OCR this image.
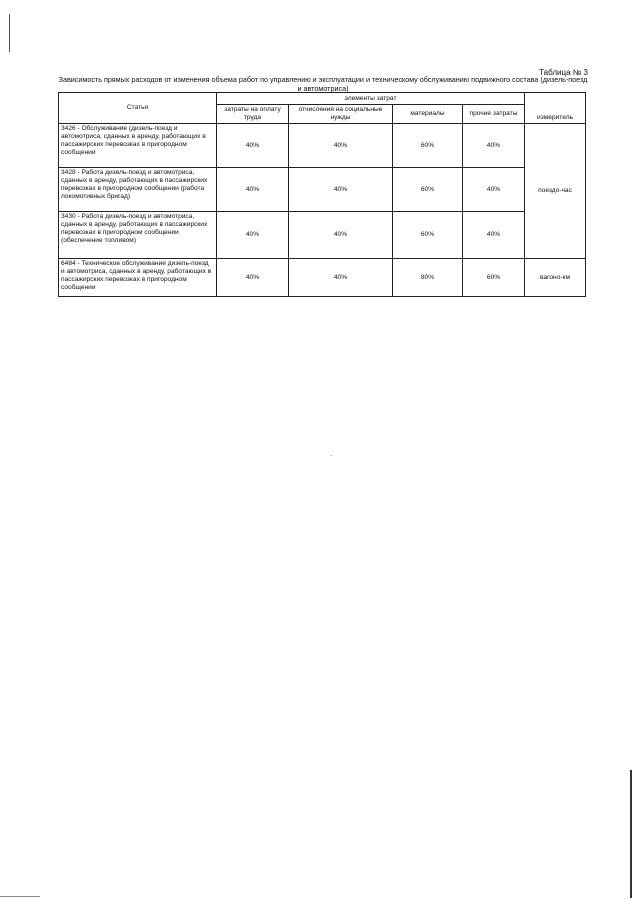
Таблица № 3
Зависимость прямых расходов от изменения объема работ по управлению и эксплуатации и техническому обслуживанию подвижного состава (дизель-поезд и автомотриса)
Статья	элементы затрат				измеритель
	затраты на оплату труда	отчисления на социальные нужды	материалы	прочие затраты	
3426 - Обслуживание (дизель-поезд и автомотриса, сданных в аренду, работающих в пассажирских перевозках в пригородном сообщении	40%	40%	60%	40%	поездо-час
3428 - Работа дизель-поезд и автомотриса, сданных в аренду, работающих в пассажирских перевозках в пригородном сообщении (работа локомотивных бригад)	40%	40%	60%	40%	
3430 - Работа дизель-поезд и автомотриса, сданных в аренду, работающих в пассажирских перевозках в пригородном сообщении (обеспечение топливом)	40%	40%	60%	40%	
6484 - Техническое обслуживание дизель-поезд и автомотриса, сданных в аренду, работающих в пассажирских перевозках в пригородном сообщении	40%	40%	80%	60%	вагоно-км
